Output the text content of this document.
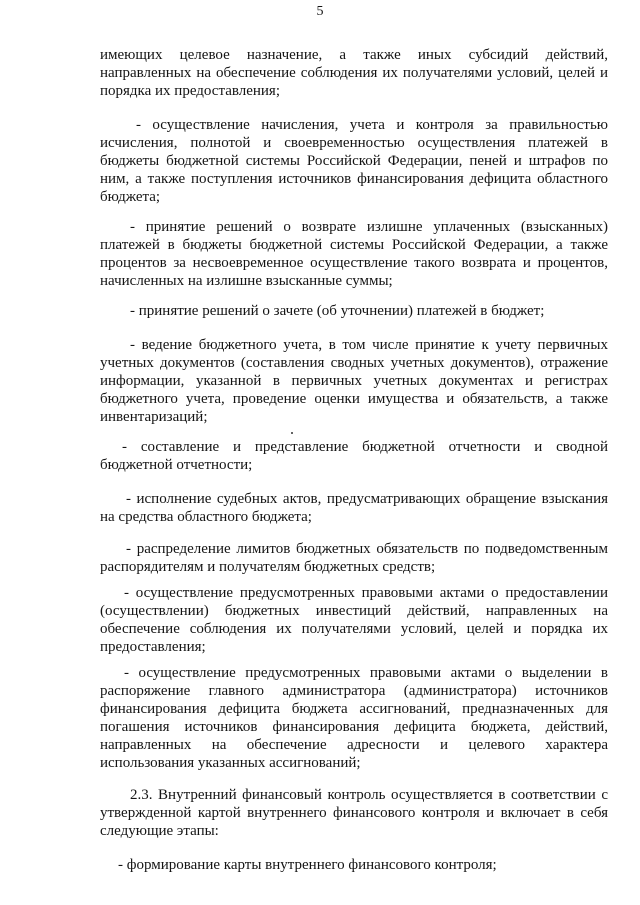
5
имеющих целевое назначение, а также иных субсидий действий,
направленных на обеспечение соблюдения их получателями условий, целей и
порядка их предоставления;
- осуществление начисления, учета и контроля за правильностью
исчисления, полнотой и своевременностью осуществления платежей в
бюджеты бюджетной системы Российской Федерации, пеней и штрафов по
ним, а также поступления источников финансирования дефицита областного
бюджета;
- принятие решений о возврате излишне уплаченных (взысканных)
платежей в бюджеты бюджетной системы Российской Федерации, а также
процентов за несвоевременное осуществление такого возврата и процентов,
начисленных на излишне взысканные суммы;
- принятие решений о зачете (об уточнении) платежей в бюджет;
- ведение бюджетного учета, в том числе принятие к учету первичных
учетных документов (составления сводных учетных документов), отражение
информации, указанной в первичных учетных документах и регистрах
бюджетного учета, проведение оценки имущества и обязательств, а также
инвентаризаций;
- составление и представление бюджетной отчетности и сводной
бюджетной отчетности;
- исполнение судебных актов, предусматривающих обращение взыскания
на средства областного бюджета;
- распределение лимитов бюджетных обязательств по подведомственным
распорядителям и получателям бюджетных средств;
- осуществление предусмотренных правовыми актами о предоставлении
(осуществлении) бюджетных инвестиций действий, направленных на
обеспечение соблюдения их получателями условий, целей и порядка их
предоставления;
- осуществление предусмотренных правовыми актами о выделении в
распоряжение главного администратора (администратора) источников
финансирования дефицита бюджета ассигнований, предназначенных для
погашения источников финансирования дефицита бюджета, действий,
направленных на обеспечение адресности и целевого характера
использования указанных ассигнований;
2.3. Внутренний финансовый контроль осуществляется в соответствии с
утвержденной картой внутреннего финансового контроля и включает в себя
следующие этапы:
- формирование карты внутреннего финансового контроля;
